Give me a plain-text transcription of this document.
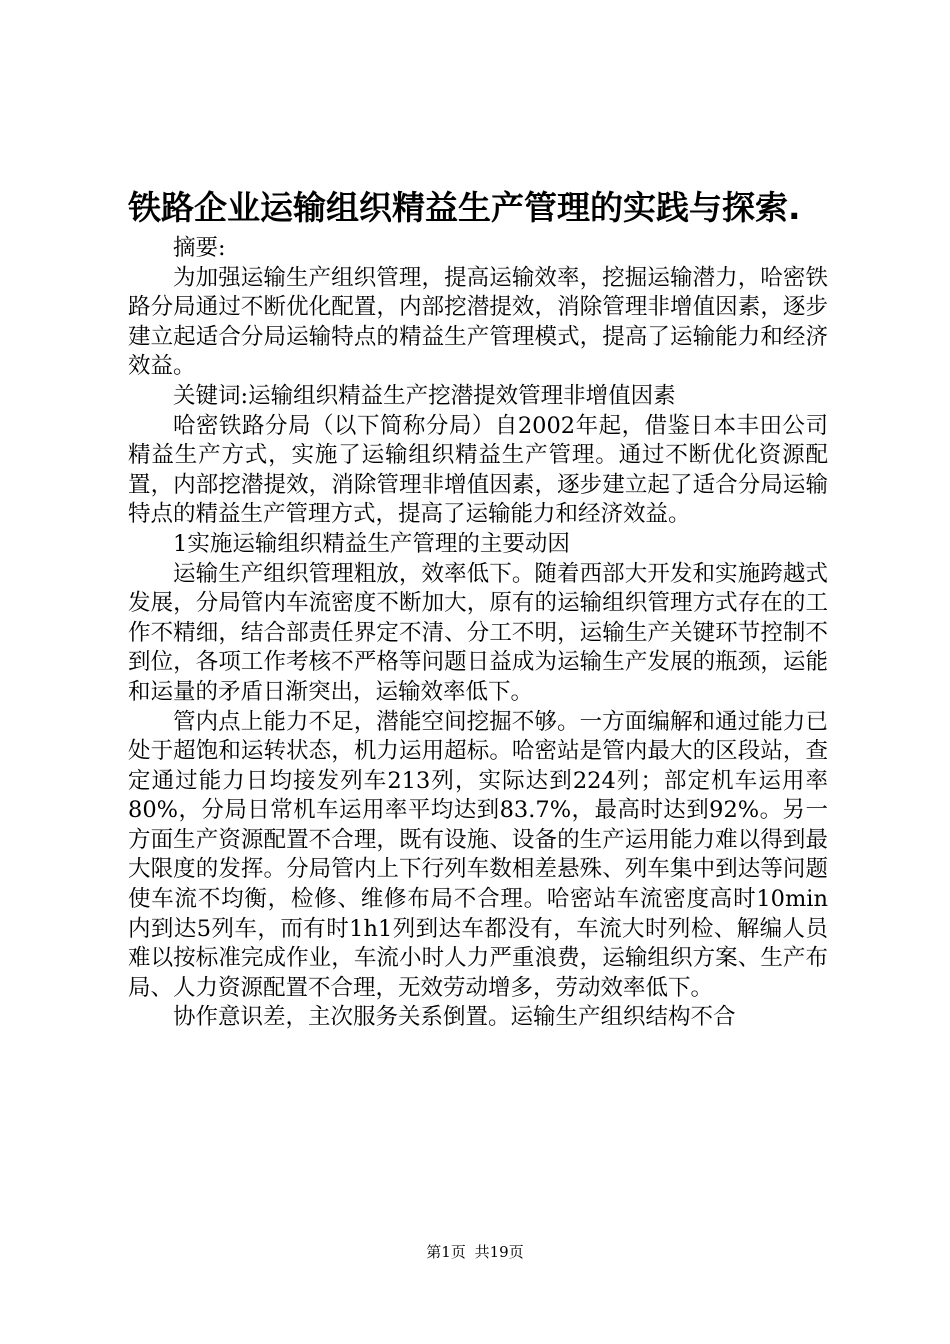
铁路企业运输组织精益生产管理的实践与探索.

摘要:

为加强运输生产组织管理，提高运输效率，挖掘运输潜力，哈密铁路分局通过不断优化配置，内部挖潜提效，消除管理非增值因素，逐步建立起适合分局运输特点的精益生产管理模式，提高了运输能力和经济效益。

关键词:运输组织精益生产挖潜提效管理非增值因素

哈密铁路分局（以下简称分局）自2002年起，借鉴日本丰田公司精益生产方式，实施了运输组织精益生产管理。通过不断优化资源配置，内部挖潜提效，消除管理非增值因素，逐步建立起了适合分局运输特点的精益生产管理方式，提高了运输能力和经济效益。

1实施运输组织精益生产管理的主要动因

运输生产组织管理粗放，效率低下。随着西部大开发和实施跨越式发展，分局管内车流密度不断加大，原有的运输组织管理方式存在的工作不精细，结合部责任界定不清、分工不明，运输生产关键环节控制不到位，各项工作考核不严格等问题日益成为运输生产发展的瓶颈，运能和运量的矛盾日渐突出，运输效率低下。

管内点上能力不足，潜能空间挖掘不够。一方面编解和通过能力已处于超饱和运转状态，机力运用超标。哈密站是管内最大的区段站，查定通过能力日均接发列车213列，实际达到224列；部定机车运用率80%，分局日常机车运用率平均达到83.7%，最高时达到92%。另一方面生产资源配置不合理，既有设施、设备的生产运用能力难以得到最大限度的发挥。分局管内上下行列车数相差悬殊、列车集中到达等问题使车流不均衡，检修、维修布局不合理。哈密站车流密度高时10min内到达5列车，而有时1h1列到达车都没有，车流大时列检、解编人员难以按标准完成作业，车流小时人力严重浪费，运输组织方案、生产布局、人力资源配置不合理，无效劳动增多，劳动效率低下。

协作意识差，主次服务关系倒置。运输生产组织结构不合

第1页 共19页
